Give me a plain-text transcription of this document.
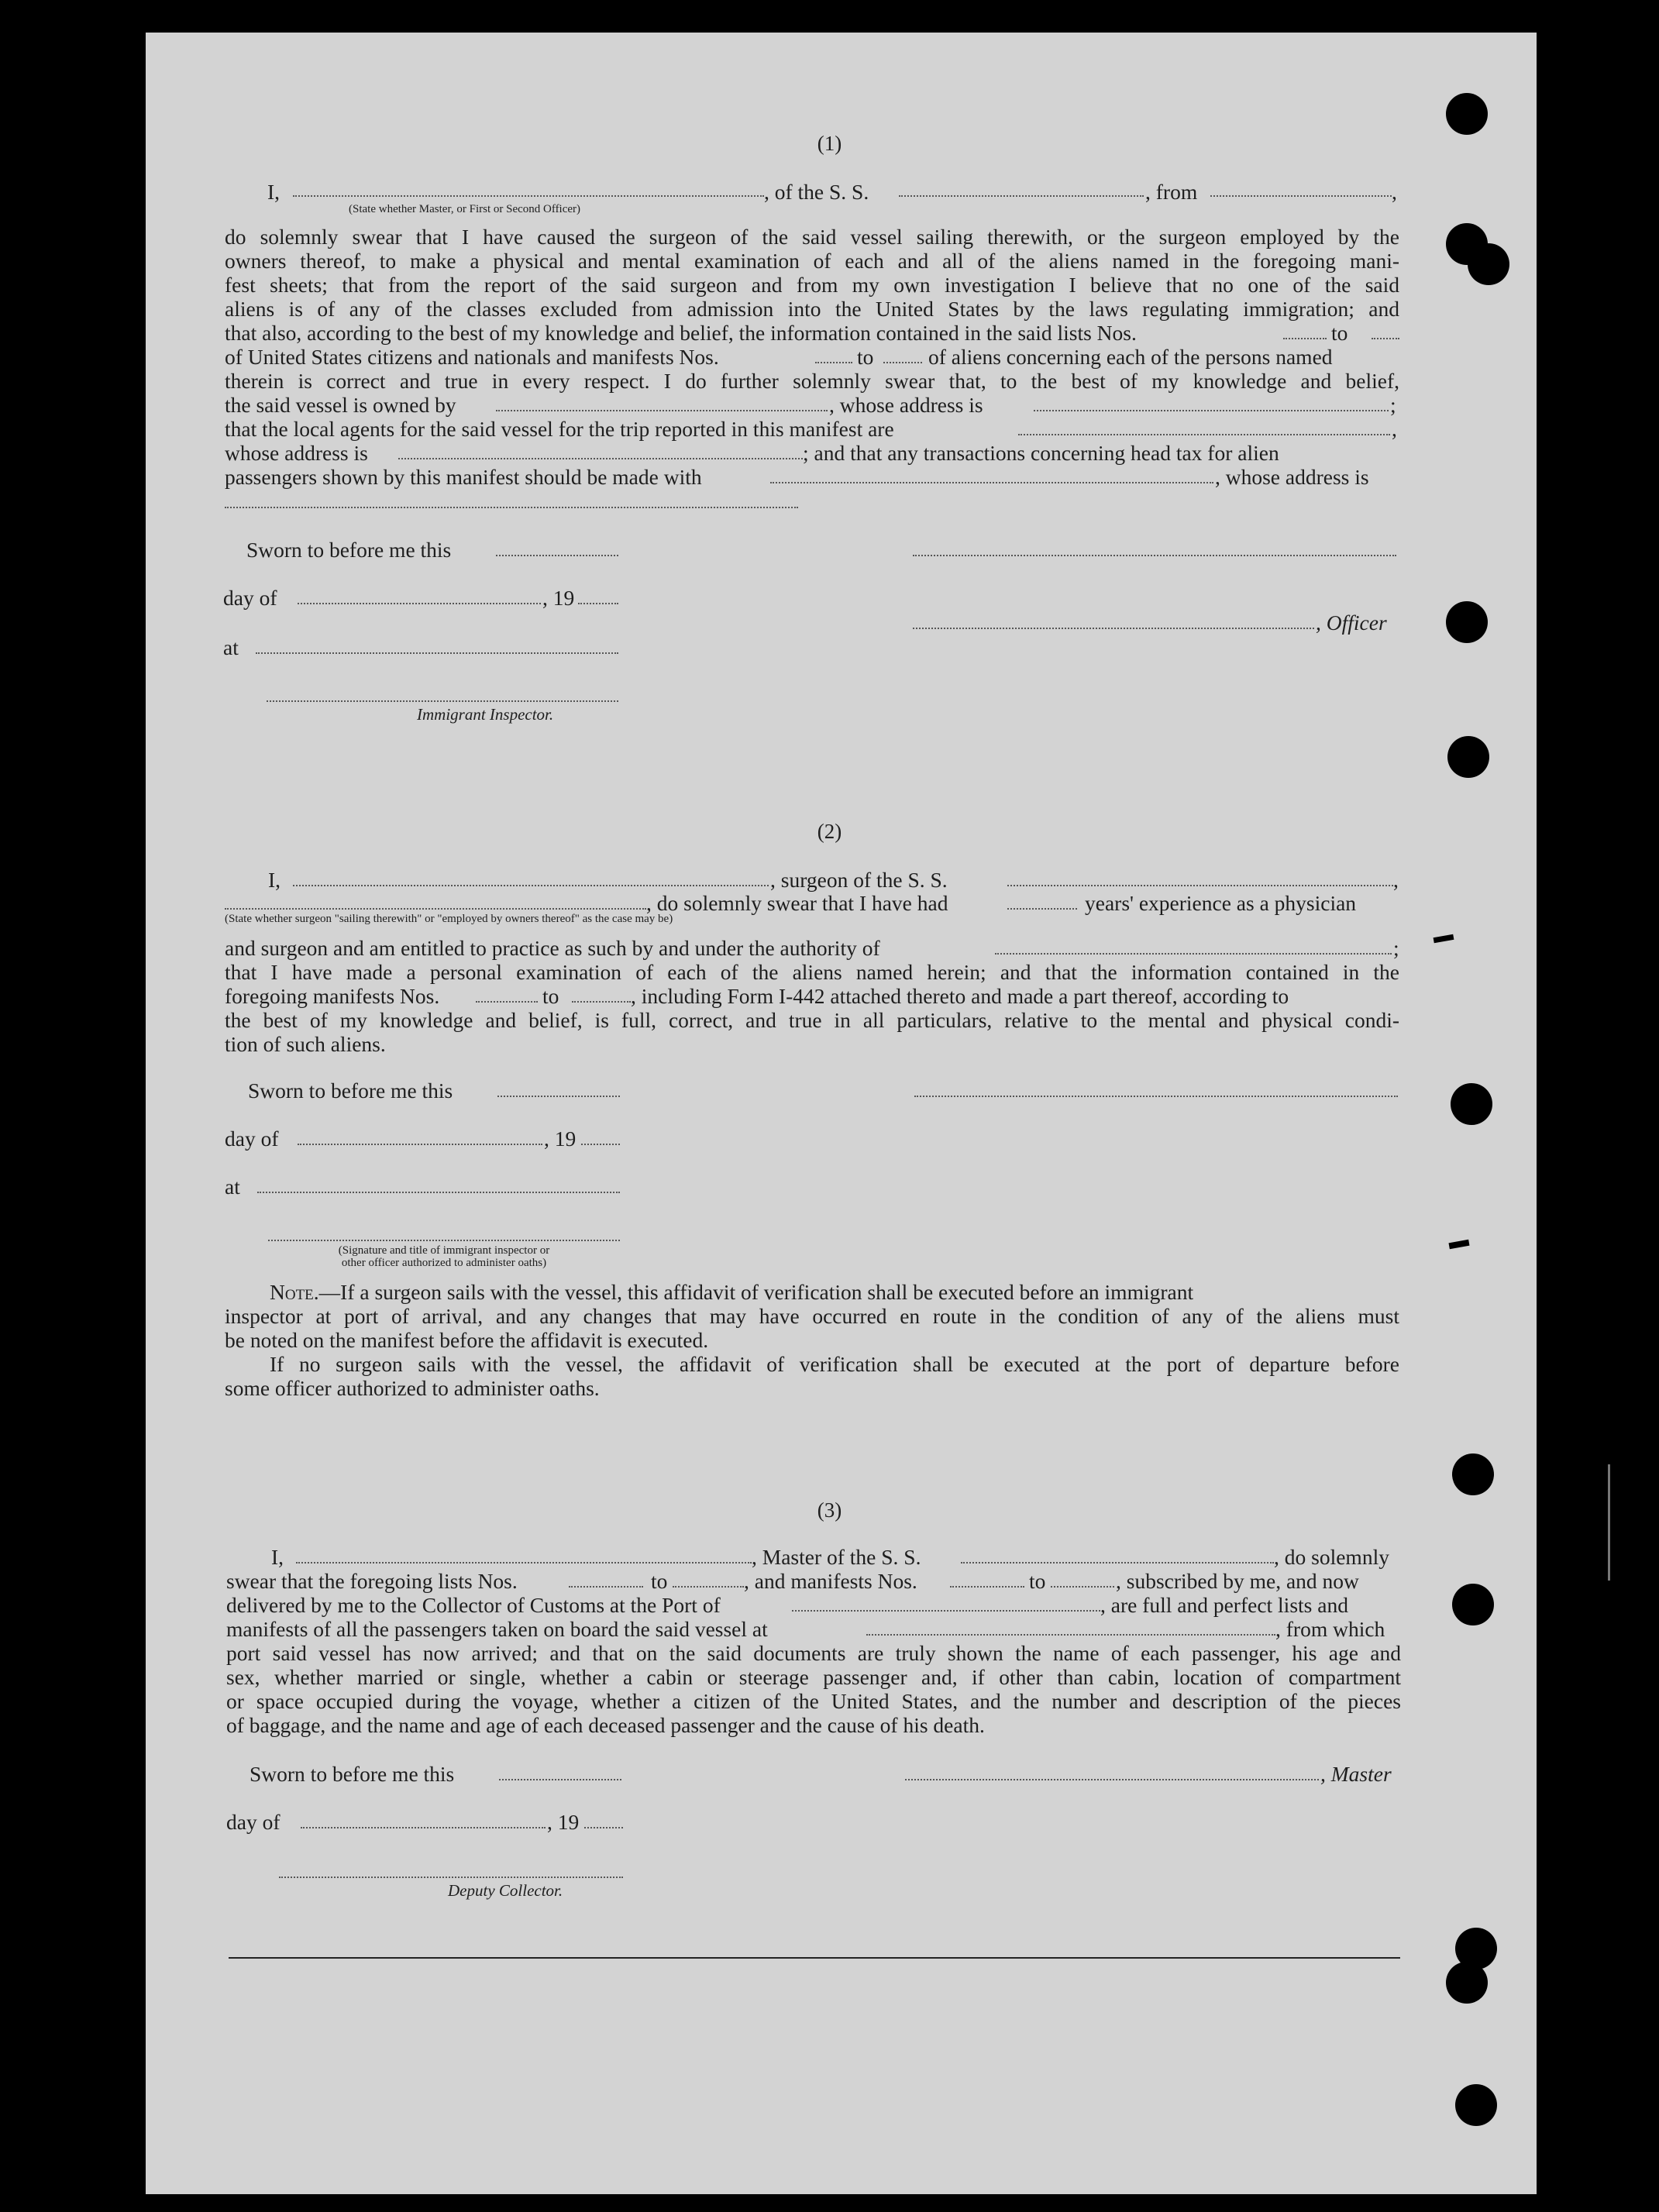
(1)
I,	, of the S. S.	, from	,
(State whether Master, or First or Second Officer)
do solemnly swear that I have caused the surgeon of the said vessel sailing therewith, or the surgeon employed by the
owners thereof, to make a physical and mental examination of each and all of the aliens named in the foregoing mani-
fest sheets; that from the report of the said surgeon and from my own investigation I believe that no one of the said
aliens is of any of the classes excluded from admission into the United States by the laws regulating immigration; and
that also, according to the best of my knowledge and belief, the information contained in the said lists Nos.	to
of United States citizens and nationals and manifests Nos.	to	of aliens concerning each of the persons named
therein is correct and true in every respect. I do further solemnly swear that, to the best of my knowledge and belief,
the said vessel is owned by	, whose address is	;
that the local agents for the said vessel for the trip reported in this manifest are	,
whose address is	; and that any transactions concerning head tax for alien
passengers shown by this manifest should be made with	, whose address is
Sworn to before me this
day of	, 19
, Officer
at
Immigrant Inspector.
(2)
I,	, surgeon of the S. S.	,
, do solemnly swear that I have had	years' experience as a physician
(State whether surgeon "sailing therewith" or "employed by owners thereof" as the case may be)
and surgeon and am entitled to practice as such by and under the authority of	;
that I have made a personal examination of each of the aliens named herein; and that the information contained in the
foregoing manifests Nos.	to	, including Form I-442 attached thereto and made a part thereof, according to
the best of my knowledge and belief, is full, correct, and true in all particulars, relative to the mental and physical condi-
tion of such aliens.
Sworn to before me this
day of	, 19
at
(Signature and title of immigrant inspector or
other officer authorized to administer oaths)
Note.—If a surgeon sails with the vessel, this affidavit of verification shall be executed before an immigrant
inspector at port of arrival, and any changes that may have occurred en route in the condition of any of the aliens must
be noted on the manifest before the affidavit is executed.
If no surgeon sails with the vessel, the affidavit of verification shall be executed at the port of departure before
some officer authorized to administer oaths.
(3)
I,	, Master of the S. S.	, do solemnly
swear that the foregoing lists Nos.	to	, and manifests Nos.	to	, subscribed by me, and now
delivered by me to the Collector of Customs at the Port of	, are full and perfect lists and
manifests of all the passengers taken on board the said vessel at	, from which
port said vessel has now arrived; and that on the said documents are truly shown the name of each passenger, his age and
sex, whether married or single, whether a cabin or steerage passenger and, if other than cabin, location of compartment
or space occupied during the voyage, whether a citizen of the United States, and the number and description of the pieces
of baggage, and the name and age of each deceased passenger and the cause of his death.
Sworn to before me this	, Master
day of	, 19
Deputy Collector.
